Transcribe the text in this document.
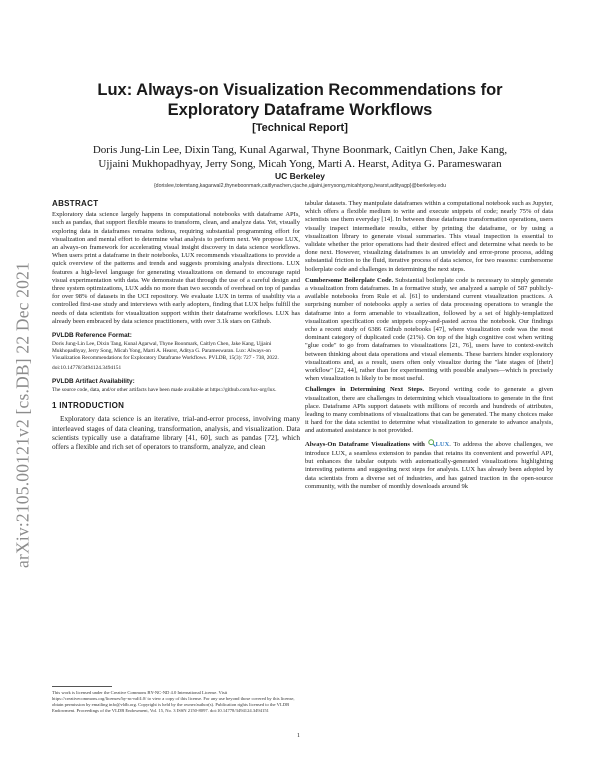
arXiv:2105.00121v2 [cs.DB] 22 Dec 2021
Lux: Always-on Visualization Recommendations for Exploratory Dataframe Workflows
[Technical Report]
Doris Jung-Lin Lee, Dixin Tang, Kunal Agarwal, Thyne Boonmark, Caitlyn Chen, Jake Kang, Ujjaini Mukhopadhyay, Jerry Song, Micah Yong, Marti A. Hearst, Aditya G. Parameswaran
UC Berkeley
{dorislee,totemtang,kagarwal2,thyneboonmark,caitlynachen,cjache,ujjaini,jerrysong,micahtyong,hearst,adityagp}@berkeley.edu
ABSTRACT

Exploratory data science largely happens in computational notebooks with dataframe APIs, such as pandas, that support flexible means to transform, clean, and analyze data. Yet, visually exploring data in dataframes remains tedious, requiring substantial programming effort for visualization and mental effort to determine what analysis to perform next. We propose LUX, an always-on framework for accelerating visual insight discovery in data science workflows. When users print a dataframe in their notebooks, LUX recommends visualizations to provide a quick overview of the patterns and trends and suggests promising analysis directions. LUX features a high-level language for generating visualizations on demand to encourage rapid visual experimentation with data. We demonstrate that through the use of a careful design and three system optimizations, LUX adds no more than two seconds of overhead on top of pandas for over 98% of datasets in the UCI repository. We evaluate LUX in terms of usability via a controlled first-use study and interviews with early adopters, finding that LUX helps fulfill the needs of data scientists for visualization support within their dataframe workflows. LUX has already been embraced by data science practitioners, with over 3.1k stars on Github.

PVLDB Reference Format:

Doris Jung-Lin Lee, Dixin Tang, Kunal Agarwal, Thyne Boonmark, Caitlyn Chen, Jake Kang, Ujjaini Mukhopadhyay, Jerry Song, Micah Yong, Marti A. Hearst, Aditya G. Parameswaran. Lux: Always-on Visualization Recommendations for Exploratory Dataframe Workflows. PVLDB, 15(3): 727 - 738, 2022.

doi:10.14778/3494124.3494151

PVLDB Artifact Availability:

The source code, data, and/or other artifacts have been made available at https://github.com/lux-org/lux.

1 INTRODUCTION

Exploratory data science is an iterative, trial-and-error process, involving many interleaved stages of data cleaning, transformation, analysis, and visualization. Data scientists typically use a dataframe library [41, 60], such as pandas [72], which offers a flexible and rich set of operators to transform, analyze, and clean

This work is licensed under the Creative Commons BY-NC-ND 4.0 International License. Visit https://creativecommons.org/licenses/by-nc-nd/4.0/ to view a copy of this license. For any use beyond those covered by this license, obtain permission by emailing info@vldb.org. Copyright is held by the owner/author(s). Publication rights licensed to the VLDB Endowment. Proceedings of the VLDB Endowment, Vol. 15, No. 3 ISSN 2150-8097. doi:10.14778/3494124.3494151

tabular datasets. They manipulate dataframes within a computational notebook such as Jupyter, which offers a flexible medium to write and execute snippets of code; nearly 75% of data scientists use them everyday [14]. In between these dataframe transformation operations, users visually inspect intermediate results, either by printing the dataframe, or by using a visualization library to generate visual summaries. This visual inspection is essential to validate whether the prior operations had their desired effect and determine what needs to be done next. However, visualizing dataframes is an unwieldy and error-prone process, adding substantial friction to the fluid, iterative process of data science, for two reasons: cumbersome boilerplate code and challenges in determining the next steps.

Cumbersome Boilerplate Code. Substantial boilerplate code is necessary to simply generate a visualization from dataframes. In a formative study, we analyzed a sample of 587 publicly-available notebooks from Rule et al. [61] to understand current visualization practices. A surprising number of notebooks apply a series of data processing operations to wrangle the dataframe into a form amenable to visualization, followed by a set of highly-templatized visualization specification code snippets copy-and-pasted across the notebook. Our findings echo a recent study of 6386 Github notebooks [47], where visualization code was the most dominant category of duplicated code (21%). On top of the high cognitive cost when writing "glue code" to go from dataframes to visualizations [21, 76], users have to context-switch between thinking about data operations and visual elements. These barriers hinder exploratory visualizations and, as a result, users often only visualize during the "late stages of [their] workflow" [22, 44], rather than for experimenting with possible analyses—which is precisely when visualization is likely to be most useful.

Challenges in Determining Next Steps. Beyond writing code to generate a given visualization, there are challenges in determining which visualizations to generate in the first place. Dataframe APIs support datasets with millions of records and hundreds of attributes, leading to many combinations of visualizations that can be generated. The many choices make it hard for the data scientist to determine what visualization to generate to advance analysis, and automated assistance is not provided.

Always-On Dataframe Visualizations with LUX. To address the above challenges, we introduce LUX, a seamless extension to pandas that retains its convenient and powerful API, but enhances the tabular outputs with automatically-generated visualizations highlighting interesting patterns and suggesting next steps for analysis. LUX has already been adopted by data scientists from a diverse set of industries, and has gained traction in the open-source community, with the number of monthly downloads around 9k

1
